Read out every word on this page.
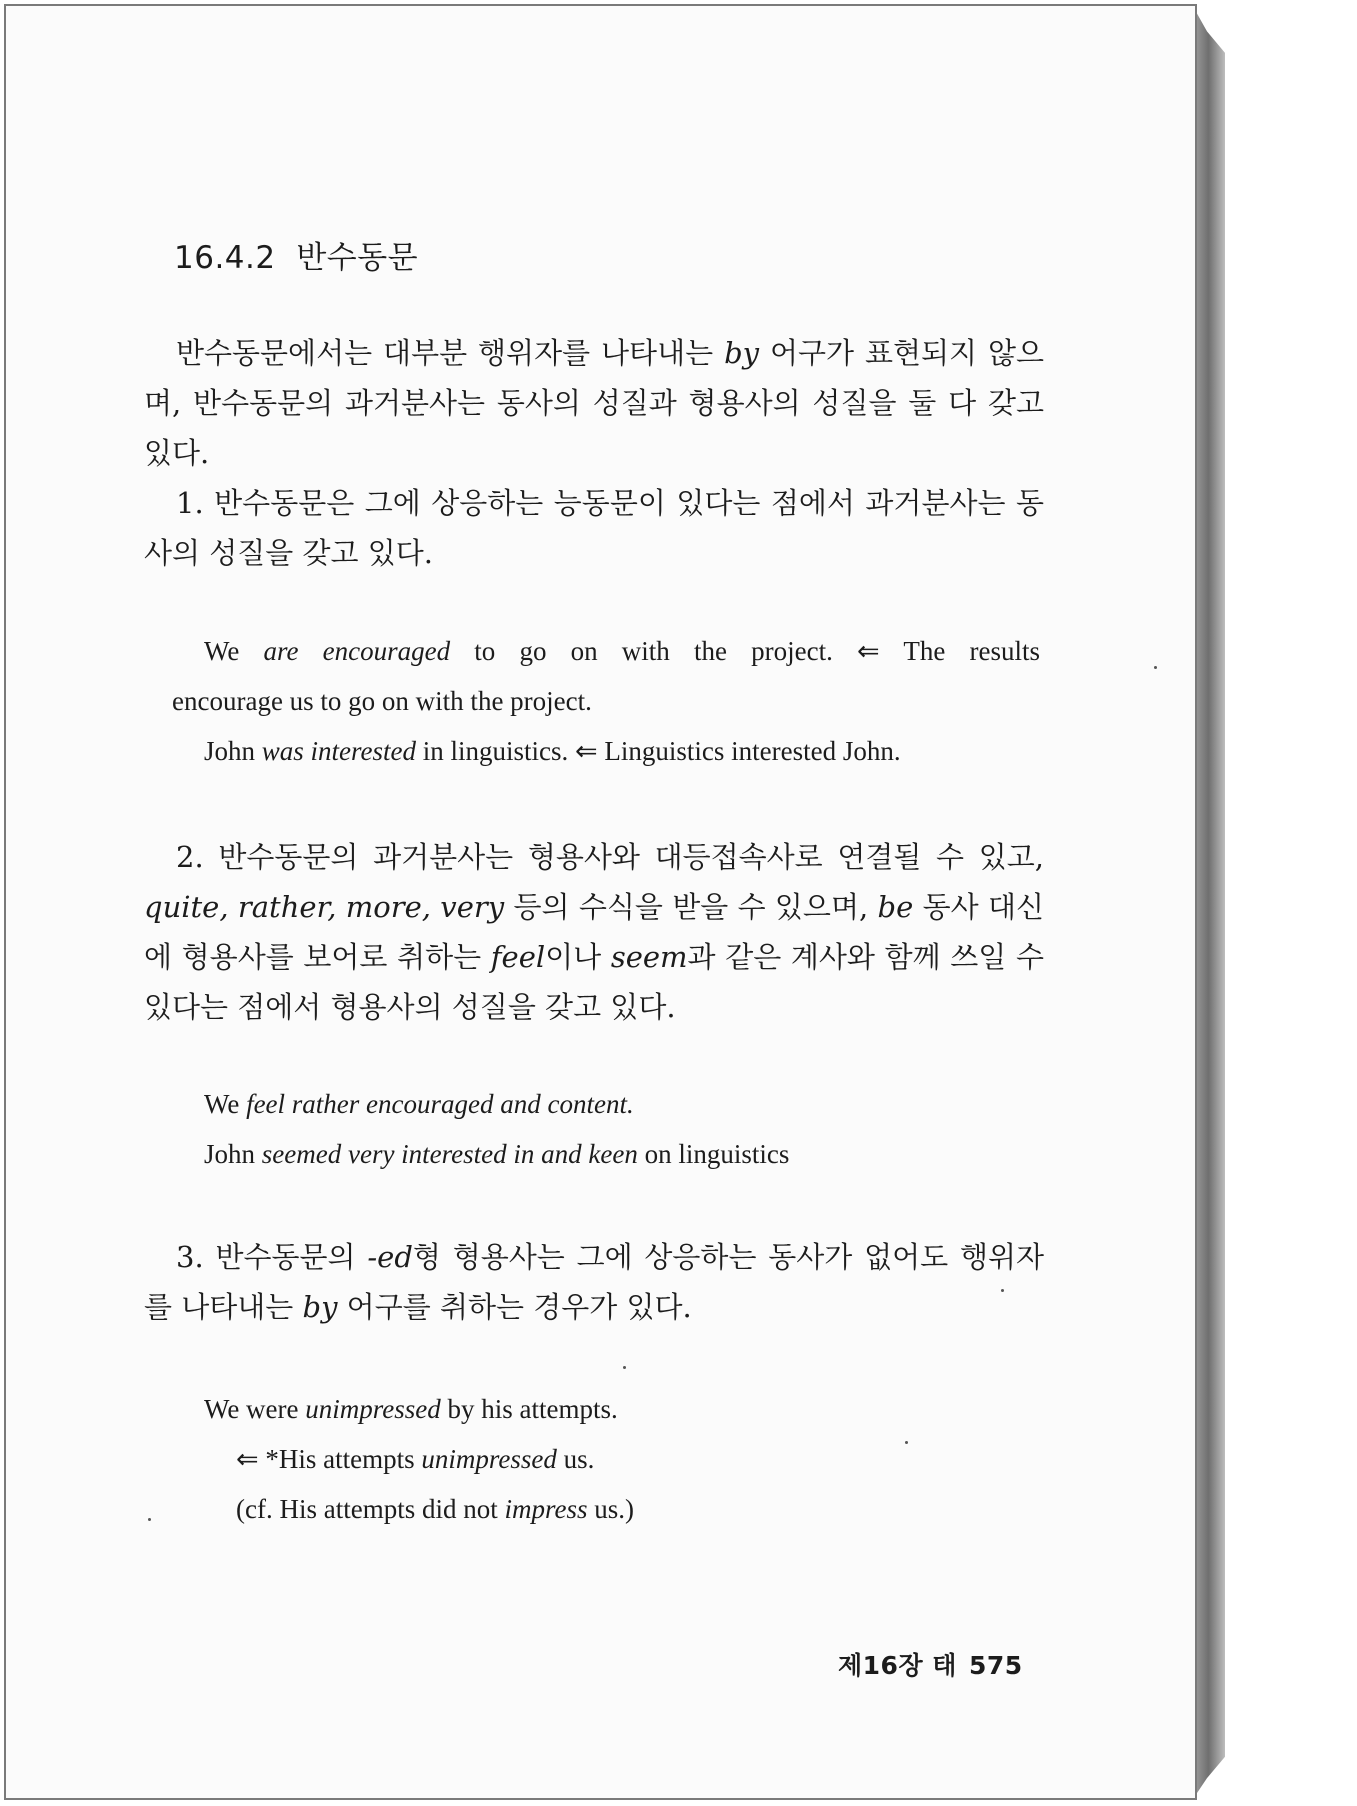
16.4.2 반수동문
반수동문에서는 대부분 행위자를 나타내는 by 어구가 표현되지 않으며, 반수동문의 과거분사는 동사의 성질과 형용사의 성질을 둘 다 갖고 있다.
1. 반수동문은 그에 상응하는 능동문이 있다는 점에서 과거분사는 동사의 성질을 갖고 있다.
We are encouraged to go on with the project. ⇐ The results
encourage us to go on with the project.
John was interested in linguistics. ⇐ Linguistics interested John.
2. 반수동문의 과거분사는 형용사와 대등접속사로 연결될 수 있고, quite, rather, more, very 등의 수식을 받을 수 있으며, be 동사 대신에 형용사를 보어로 취하는 feel이나 seem과 같은 계사와 함께 쓰일 수 있다는 점에서 형용사의 성질을 갖고 있다.
We feel rather encouraged and content.
John seemed very interested in and keen on linguistics
3. 반수동문의 -ed형 형용사는 그에 상응하는 동사가 없어도 행위자를 나타내는 by 어구를 취하는 경우가 있다.
We were unimpressed by his attempts.
⇐ *His attempts unimpressed us.
(cf. His attempts did not impress us.)
제16장 태 575
